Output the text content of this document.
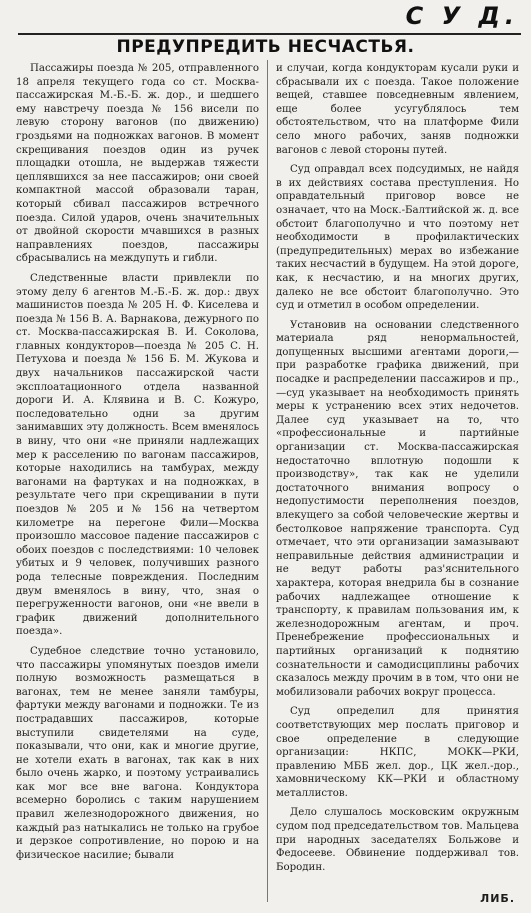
С У Д.
ПРЕДУПРЕДИТЬ НЕСЧАСТЬЯ.

Пассажиры поезда № 205, отправленного 18 апреля текущего года со ст. Москва-пассажирская М.-Б.-Б. ж. дор., и шедшего ему навстречу поезда № 156 висели по левую сторону вагонов (по движению) гроздьями на подножках вагонов. В момент скрещивания поездов один из ручек площадки отошла, не выдержав тяжести цеплявшихся за нее пассажиров; они своей компактной массой образовали таран, который сбивал пассажиров встречного поезда. Силой ударов, очень значительных от двойной скорости мчавшихся в разных направлениях поездов, пассажиры сбрасывались на междупуть и гибли.

Следственные власти привлекли по этому делу 6 агентов М.-Б.-Б. ж. дор.: двух машинистов поезда № 205 Н. Ф. Киселева и поезда № 156 В. А. Варнакова, дежурного по ст. Москва-пассажирская В. И. Соколова, главных кондукторов—поезда № 205 С. Н. Петухова и поезда № 156 Б. М. Жукова и двух начальников пассажирской части эксплоатационного отдела названной дороги И. А. Клявина и В. С. Кожуро, последовательно одни за другим занимавших эту должность. Всем вменялось в вину, что они «не приняли надлежащих мер к расселению по вагонам пассажиров, которые находились на тамбурах, между вагонами на фартуках и на подножках, в результате чего при скрещивании в пути поездов № 205 и № 156 на четвертом километре на перегоне Фили—Москва произошло массовое падение пассажиров с обоих поездов с последствиями: 10 человек убитых и 9 человек, получивших разного рода телесные повреждения. Последним двум вменялось в вину, что, зная о перегруженности вагонов, они «не ввели в график движений дополнительного поезда».

Судебное следствие точно установило, что пассажиры упомянутых поездов имели полную возможность размещаться в вагонах, тем не менее заняли тамбуры, фартуки между вагонами и подножки. Те из пострадавших пассажиров, которые выступили свидетелями на суде, показывали, что они, как и многие другие, не хотели ехать в вагонах, так как в них было очень жарко, и поэтому устраивались как мог все вне вагона. Кондуктора всемерно боролись с таким нарушением правил железнодорожного движения, но каждый раз натыкались не только на грубое и дерзкое сопротивление, но порою и на физическое насилие; бывали

и случаи, когда кондукторам кусали руки и сбрасывали их с поезда. Такое положение вещей, ставшее повседневным явлением, еще более усугублялось тем обстоятельством, что на платформе Фили село много рабочих, заняв подножки вагонов с левой стороны путей.

Суд оправдал всех подсудимых, не найдя в их действиях состава преступления. Но оправдательный приговор вовсе не означает, что на Моск.-Балтийской ж. д. все обстоит благополучно и что поэтому нет необходимости в профилактических (предупредительных) мерах во избежание таких несчастий в будущем. На этой дороге, как, к несчастию, и на многих других, далеко не все обстоит благополучно. Это суд и отметил в особом определении.

Установив на основании следственного материала ряд ненормальностей, допущенных высшими агентами дороги,—при разработке графика движений, при посадке и распределении пассажиров и пр.,—суд указывает на необходимость принять меры к устранению всех этих недочетов. Далее суд указывает на то, что «профессиональные и партийные организации ст. Москва-пассажирская недостаточно вплотную подошли к производству», так как не уделили достаточного внимания вопросу о недопустимости переполнения поездов, влекущего за собой человеческие жертвы и бестолковое напряжение транспорта. Суд отмечает, что эти организации замазывают неправильные действия администрации и не ведут работы раз'яснительного характера, которая внедрила бы в сознание рабочих надлежащее отношение к транспорту, к правилам пользования им, к железнодорожным агентам, и проч. Пренебрежение профессиональных и партийных организаций к поднятию сознательности и самодисциплины рабочих сказалось между прочим в в том, что они не мобилизовали рабочих вокруг процесса.

Суд определил для принятия соответствующих мер послать приговор и свое определение в следующие организации: НКПС, МОКК—РКИ, правлению МББ жел. дор., ЦК жел.-дор., хамовническому КК—РКИ и областному металлистов.

Дело слушалось московским окружным судом под председательством тов. Мальцева при народных заседателях Больжове и Федосееве. Обвинение поддерживал тов. Бородин.

ЛИБ.
